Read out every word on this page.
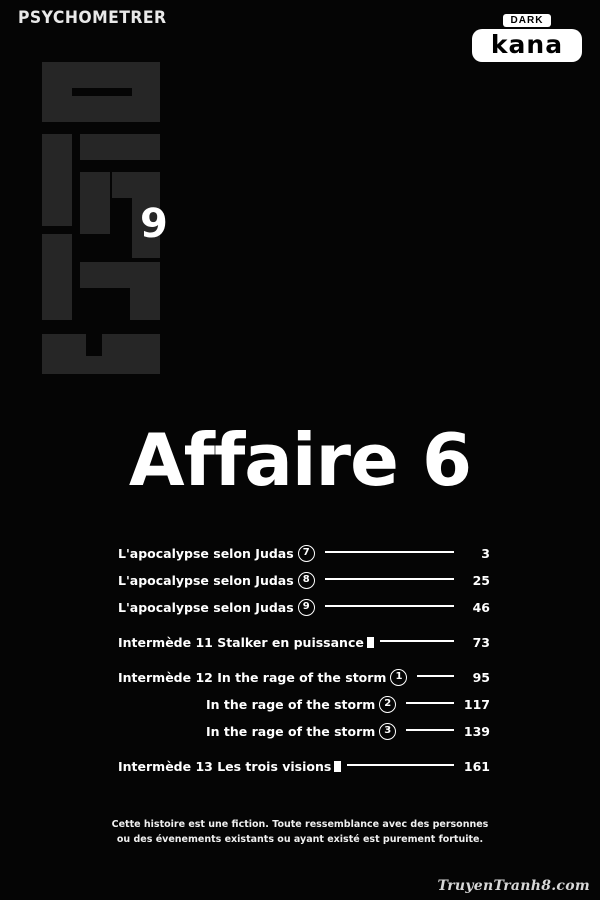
PSYCHOMETRER
9
DARK
kana
Affaire 6
L'apocalypse selon Judas 7	3
L'apocalypse selon Judas 8	25
L'apocalypse selon Judas 9	46
Intermède 11 Stalker en puissance	73
Intermède 12 In the rage of the storm 1	95
In the rage of the storm 2	117
In the rage of the storm 3	139
Intermède 13 Les trois visions	161
Cette histoire est une fiction. Toute ressemblance avec des personnes
ou des évenements existants ou ayant existé est purement fortuite.
TruyenTranh8.com
